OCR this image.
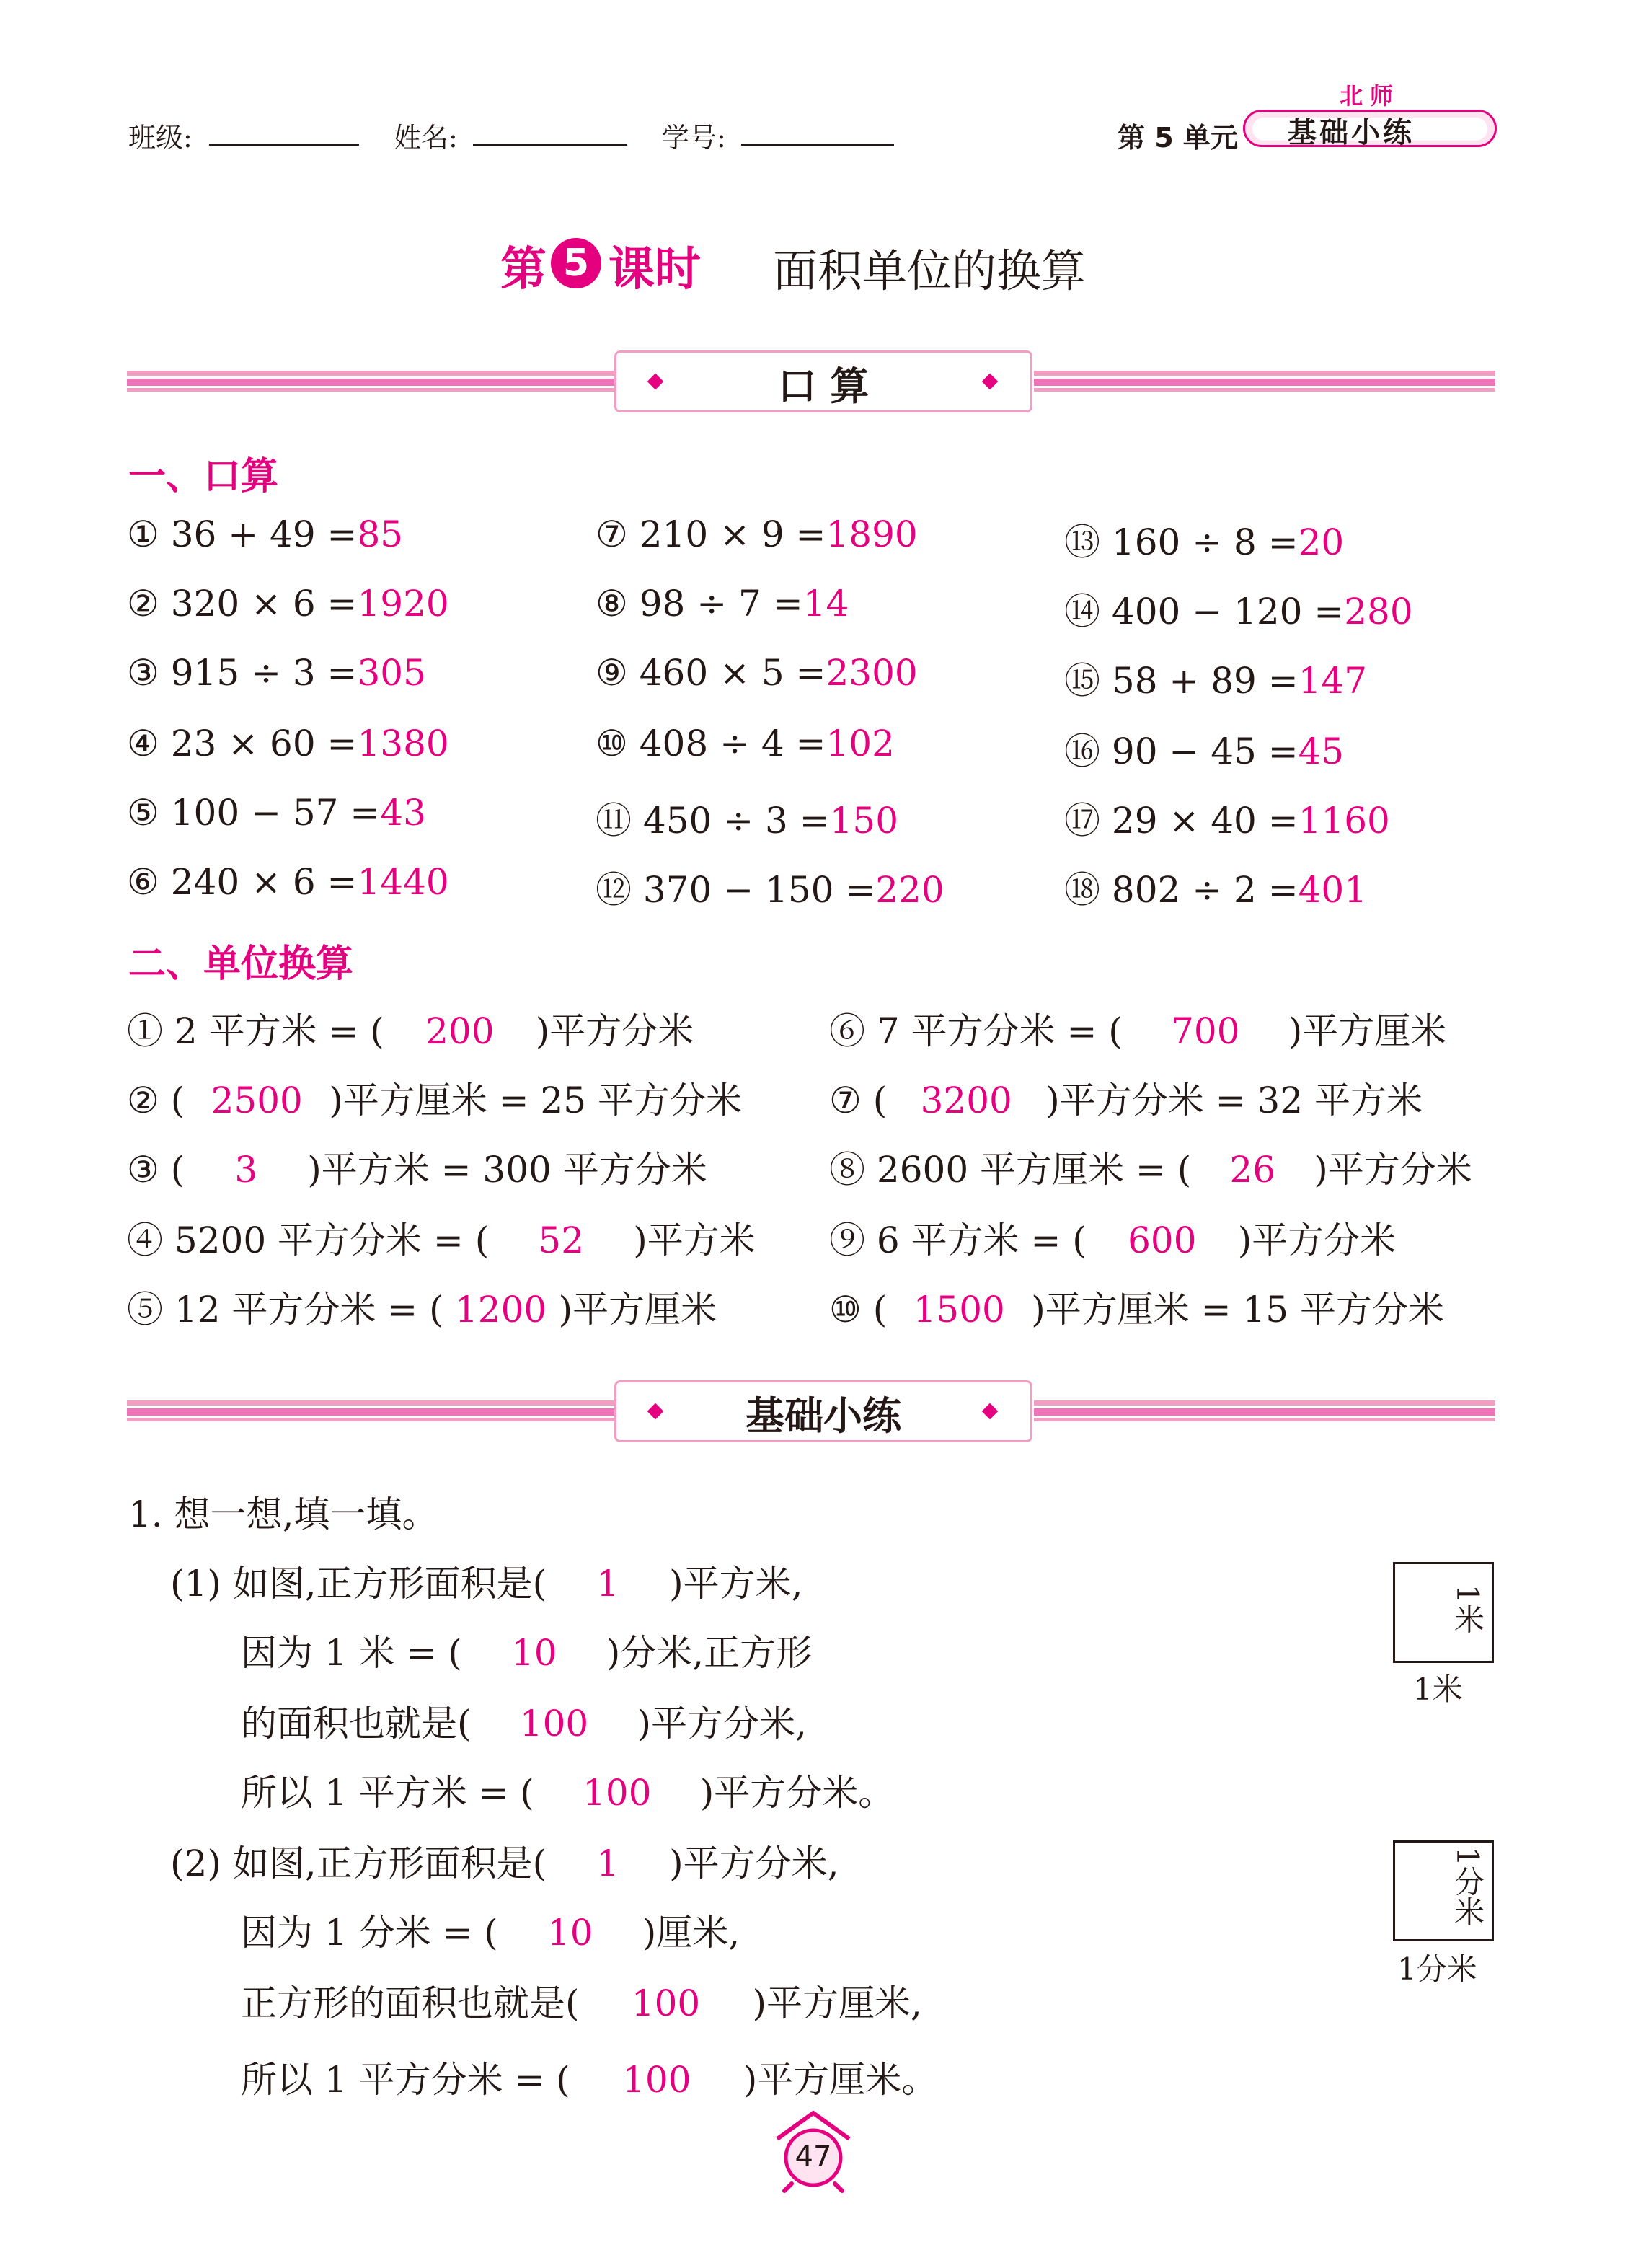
班级:	姓名:	学号:	第 5 单元
北师
基础小练
第 5 课时 面积单位的换算
口 算
一、口算
① 36 + 49 =85
② 320 × 6 =1920
③ 915 ÷ 3 =305
④ 23 × 60 =1380
⑤ 100 − 57 =43
⑥ 240 × 6 =1440
⑦ 210 × 9 =1890
⑧ 98 ÷ 7 =14
⑨ 460 × 5 =2300
⑩ 408 ÷ 4 =102
⑪ 450 ÷ 3 =150
⑫ 370 − 150 =220
⑬ 160 ÷ 8 =20
⑭ 400 − 120 =280
⑮ 58 + 89 =147
⑯ 90 − 45 =45
⑰ 29 × 40 =1160
⑱ 802 ÷ 2 =401
二、单位换算
① 2 平方米 = ( 200 )平方分米
② ( 2500 )平方厘米 = 25 平方分米
③ ( 3 )平方米 = 300 平方分米
④ 5200 平方分米 = ( 52 )平方米
⑤ 12 平方分米 = ( 1200 )平方厘米
⑥ 7 平方分米 = ( 700 )平方厘米
⑦ ( 3200 )平方分米 = 32 平方米
⑧ 2600 平方厘米 = ( 26 )平方分米
⑨ 6 平方米 = ( 600 )平方分米
⑩ ( 1500 )平方厘米 = 15 平方分米
基础小练
1. 想一想,填一填。
(1) 如图,正方形面积是( 1 )平方米,
因为 1 米 = ( 10 )分米,正方形
的面积也就是( 100 )平方分米,
所以 1 平方米 = ( 100 )平方分米。
(2) 如图,正方形面积是( 1 )平方分米,
因为 1 分米 = ( 10 )厘米,
正方形的面积也就是( 100 )平方厘米,
所以 1 平方分米 = ( 100 )平方厘米。
1米
1米
1分米
1分米
47
